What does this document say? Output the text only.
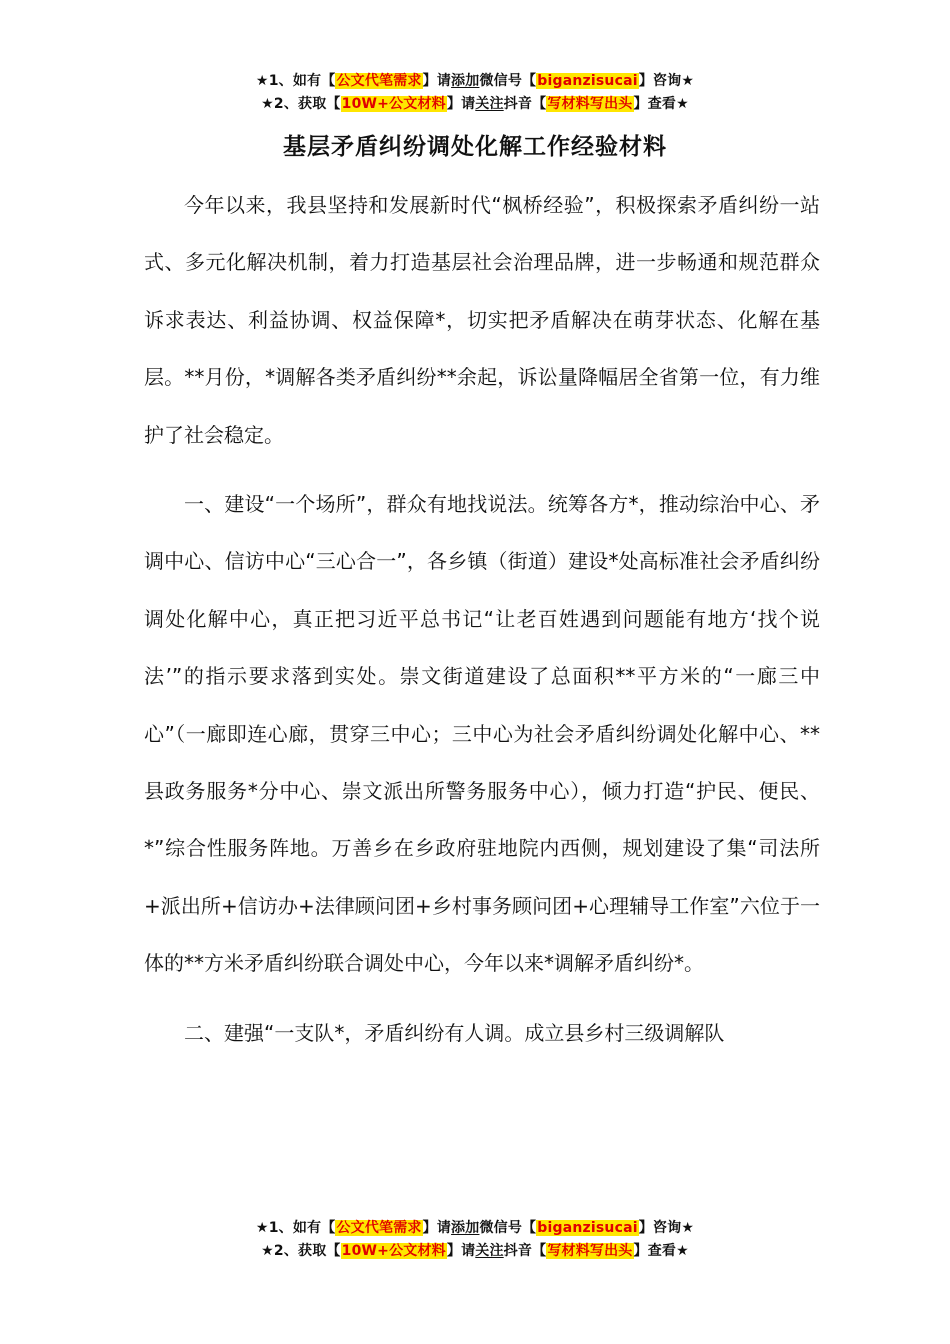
★1、如有【公文代笔需求】请添加微信号【biganzisucai】咨询★
★2、获取【10W+公文材料】请关注抖音【写材料写出头】查看★
基层矛盾纠纷调处化解工作经验材料

今年以来，我县坚持和发展新时代“枫桥经验”，积极探索矛盾纠纷一站式、多元化解决机制，着力打造基层社会治理品牌，进一步畅通和规范群众诉求表达、利益协调、权益保障*，切实把矛盾解决在萌芽状态、化解在基层。**月份，*调解各类矛盾纠纷**余起，诉讼量降幅居全省第一位，有力维护了社会稳定。

一、建设“一个场所”，群众有地找说法。统筹各方*，推动综治中心、矛调中心、信访中心“三心合一”，各乡镇（街道）建设*处高标准社会矛盾纠纷调处化解中心，真正把习近平总书记“让老百姓遇到问题能有地方‘找个说法’”的指示要求落到实处。崇文街道建设了总面积**平方米的“一廊三中心”（一廊即连心廊，贯穿三中心；三中心为社会矛盾纠纷调处化解中心、**县政务服务*分中心、崇文派出所警务服务中心），倾力打造“护民、便民、*”综合性服务阵地。万善乡在乡政府驻地院内西侧，规划建设了集“司法所+派出所+信访办+法律顾问团+乡村事务顾问团+心理辅导工作室”六位于一体的**方米矛盾纠纷联合调处中心，今年以来*调解矛盾纠纷*。

二、建强“一支队*，矛盾纠纷有人调。成立县乡村三级调解队

★1、如有【公文代笔需求】请添加微信号【biganzisucai】咨询★
★2、获取【10W+公文材料】请关注抖音【写材料写出头】查看★
